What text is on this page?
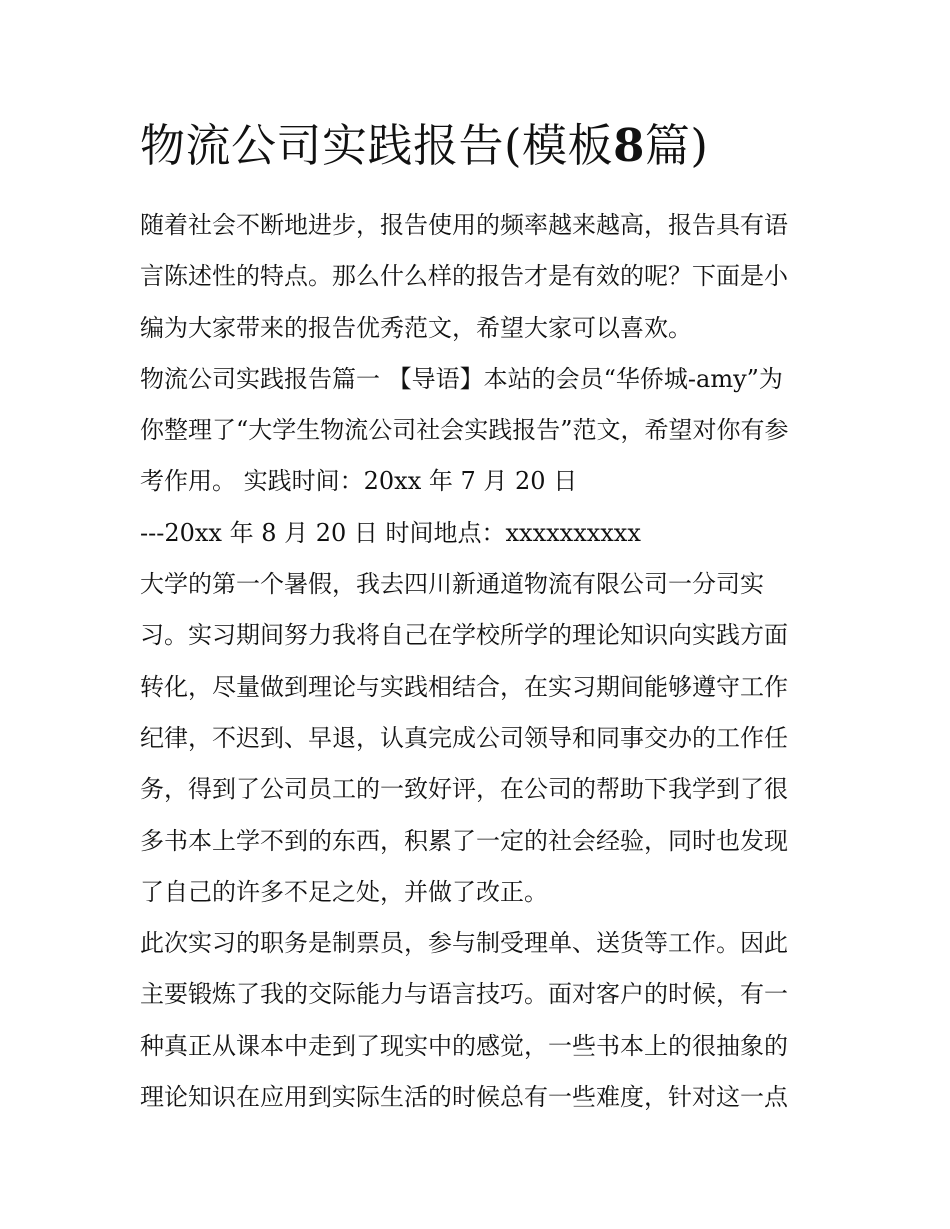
物流公司实践报告(模板8篇)
随着社会不断地进步，报告使用的频率越来越高，报告具有语
言陈述性的特点。那么什么样的报告才是有效的呢？下面是小
编为大家带来的报告优秀范文，希望大家可以喜欢。
物流公司实践报告篇一 【导语】本站的会员“华侨城-amy”为
你整理了“大学生物流公司社会实践报告”范文，希望对你有参
考作用。 实践时间：20xx 年 7 月 20 日
---20xx 年 8 月 20 日 时间地点：xxxxxxxxxx
大学的第一个暑假，我去四川新通道物流有限公司一分司实
习。实习期间努力我将自己在学校所学的理论知识向实践方面
转化，尽量做到理论与实践相结合，在实习期间能够遵守工作
纪律，不迟到、早退，认真完成公司领导和同事交办的工作任
务，得到了公司员工的一致好评，在公司的帮助下我学到了很
多书本上学不到的东西，积累了一定的社会经验，同时也发现
了自己的许多不足之处，并做了改正。
此次实习的职务是制票员，参与制受理单、送货等工作。因此
主要锻炼了我的交际能力与语言技巧。面对客户的时候，有一
种真正从课本中走到了现实中的感觉，一些书本上的很抽象的
理论知识在应用到实际生活的时候总有一些难度，针对这一点
